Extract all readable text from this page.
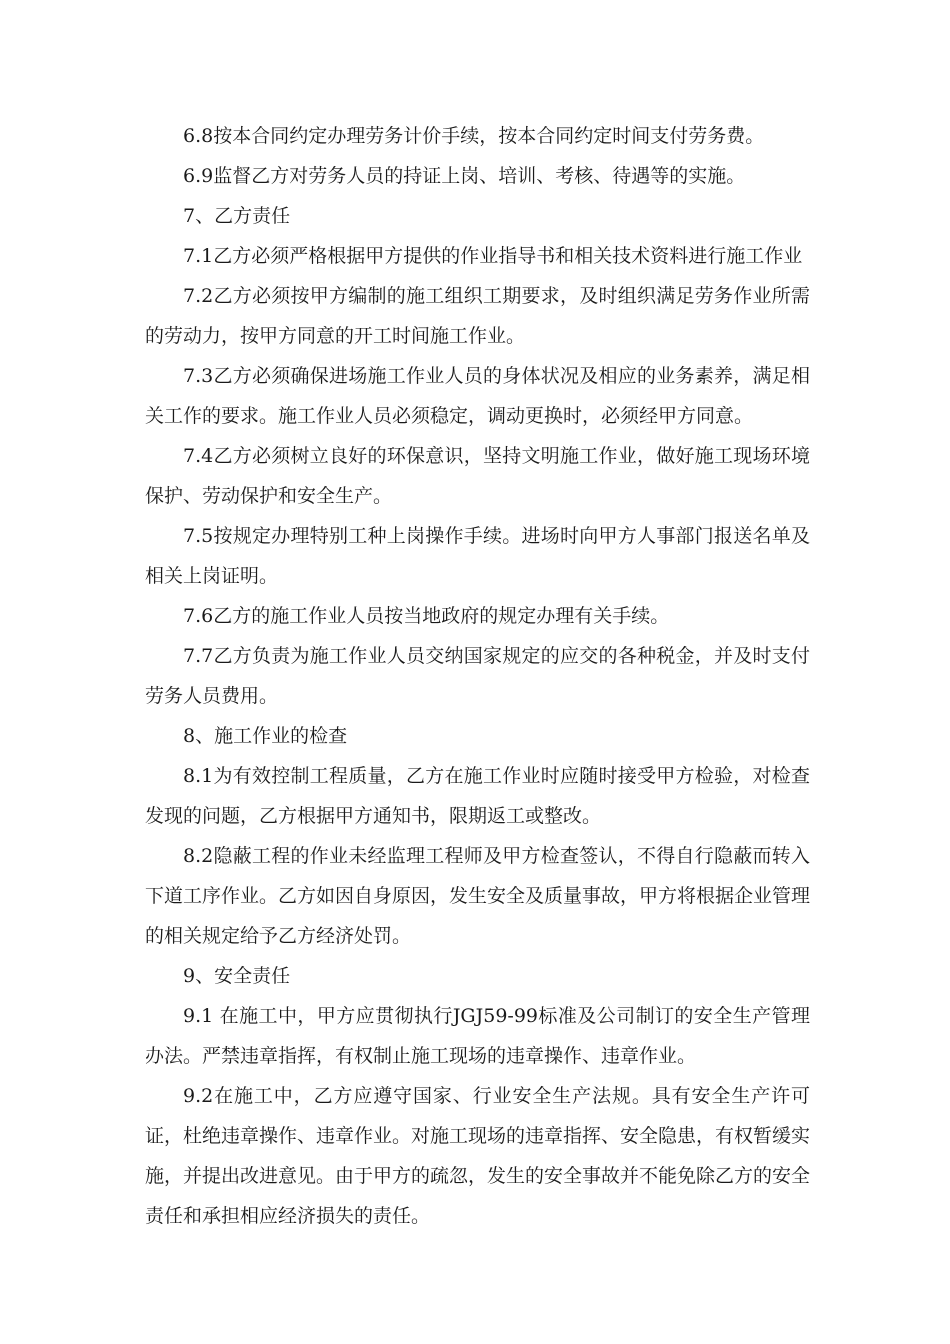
6.8按本合同约定办理劳务计价手续，按本合同约定时间支付劳务费。

6.9监督乙方对劳务人员的持证上岗、培训、考核、待遇等的实施。

7、乙方责任

7.1乙方必须严格根据甲方提供的作业指导书和相关技术资料进行施工作业

7.2乙方必须按甲方编制的施工组织工期要求，及时组织满足劳务作业所需的劳动力，按甲方同意的开工时间施工作业。

7.3乙方必须确保进场施工作业人员的身体状况及相应的业务素养，满足相关工作的要求。施工作业人员必须稳定，调动更换时，必须经甲方同意。

7.4乙方必须树立良好的环保意识，坚持文明施工作业，做好施工现场环境保护、劳动保护和安全生产。

7.5按规定办理特别工种上岗操作手续。进场时向甲方人事部门报送名单及相关上岗证明。

7.6乙方的施工作业人员按当地政府的规定办理有关手续。

7.7乙方负责为施工作业人员交纳国家规定的应交的各种税金，并及时支付劳务人员费用。

8、施工作业的检查

8.1为有效控制工程质量，乙方在施工作业时应随时接受甲方检验，对检查发现的问题，乙方根据甲方通知书，限期返工或整改。

8.2隐蔽工程的作业未经监理工程师及甲方检查签认，不得自行隐蔽而转入下道工序作业。乙方如因自身原因，发生安全及质量事故，甲方将根据企业管理的相关规定给予乙方经济处罚。

9、安全责任

9.1 在施工中，甲方应贯彻执行JGJ59-99标准及公司制订的安全生产管理办法。严禁违章指挥，有权制止施工现场的违章操作、违章作业。

9.2在施工中，乙方应遵守国家、行业安全生产法规。具有安全生产许可证，杜绝违章操作、违章作业。对施工现场的违章指挥、安全隐患，有权暂缓实施，并提出改进意见。由于甲方的疏忽，发生的安全事故并不能免除乙方的安全责任和承担相应经济损失的责任。
